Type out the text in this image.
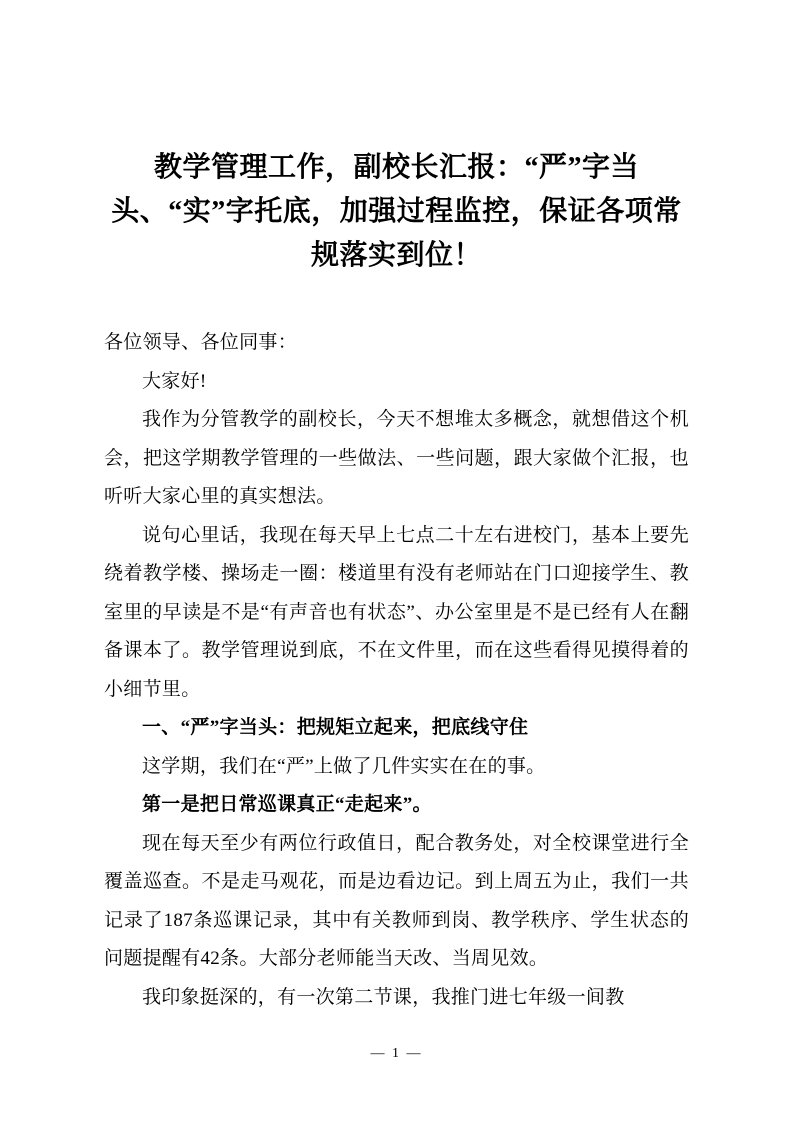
教学管理工作，副校长汇报：“严”字当头、“实”字托底，加强过程监控，保证各项常规落实到位！

各位领导、各位同事：

大家好!

我作为分管教学的副校长，今天不想堆太多概念，就想借这个机会，把这学期教学管理的一些做法、一些问题，跟大家做个汇报，也听听大家心里的真实想法。

说句心里话，我现在每天早上七点二十左右进校门，基本上要先绕着教学楼、操场走一圈：楼道里有没有老师站在门口迎接学生、教室里的早读是不是“有声音也有状态”、办公室里是不是已经有人在翻备课本了。教学管理说到底，不在文件里，而在这些看得见摸得着的小细节里。

一、“严”字当头：把规矩立起来，把底线守住

这学期，我们在“严”上做了几件实实在在的事。

第一是把日常巡课真正“走起来”。

现在每天至少有两位行政值日，配合教务处，对全校课堂进行全覆盖巡查。不是走马观花，而是边看边记。到上周五为止，我们一共记录了187条巡课记录，其中有关教师到岗、教学秩序、学生状态的问题提醒有42条。大部分老师能当天改、当周见效。

我印象挺深的，有一次第二节课，我推门进七年级一间教

— 1 —
